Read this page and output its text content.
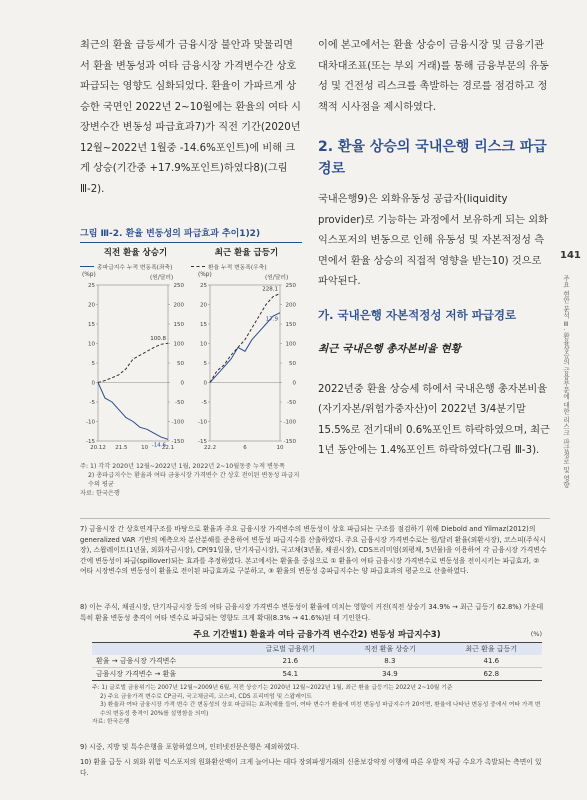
최근의 환율 급등세가 금융시장 불안과 맞물리면서 환율 변동성과 여타 금융시장 가격변수간 상호 파급되는 영향도 심화되었다. 환율이 가파르게 상승한 국면인 2022년 2~10월에는 환율의 여타 시장변수간 변동성 파급효과7)가 직전 기간(2020년 12월~2022년 1월중 -14.6%포인트)에 비해 크게 상승(기간중 +17.9%포인트)하였다8)(그림 Ⅲ-2).
이에 본고에서는 환율 상승이 금융시장 및 금융기관 대차대조표(또는 부외 거래)를 통해 금융부문의 유동성 및 건전성 리스크를 촉발하는 경로를 점검하고 정책적 시사점을 제시하였다.
2. 환율 상승의 국내은행 리스크 파급경로
국내은행9)은 외화유동성 공급자(liquidity provider)로 기능하는 과정에서 보유하게 되는 외화 익스포저의 변동으로 인해 유동성 및 자본적정성 측면에서 환율 상승의 직접적 영향을 받는10) 것으로 파악된다.
가. 국내은행 자본적정성 저하 파급경로
최근 국내은행 총자본비율 현황
2022년중 환율 상승세 하에서 국내은행 총자본비율(자기자본/위험가중자산)이 2022년 3/4분기말 15.5%로 전기대비 0.6%포인트 하락하였으며, 최근 1년 동안에는 1.4%포인트 하락하였다(그림 Ⅲ-3).
141
주요 현안 분석 Ⅲ. 환율상승의 금융부문에 대한 리스크 파급경로 및 영향
그림 Ⅲ-2. 환율 변동성의 파급효과 추이1)2)
직전 환율 상승기	최근 환율 급등기
총파급지수 누적 변동폭(좌축)	환율 누적 변동폭(우축)
(%p)	(원/달러)	(%p)	(원/달러)
-15
-10
-5
0
5
10
15
20
25
-150
-100
-50
0
50
100
150
200
250
20.12 21.5 10 22.1
100.8
-14.6
-15
-10
-5
0
5
10
15
20
25
-150
-100
-50
0
50
100
150
200
250
22.2	6	10
228.1
17.9
주: 1) 각각 2020년 12월~2022년 1월, 2022년 2~10월동중 누적 변동폭
2) 총파급지수는 환율과 여타 금융시장 가격변수 간 상호 전이된 변동성 파급지수의 평균
자료: 한국은행
7) 금융시장 간 상호연계구조를 바탕으로 환율과 주요 금융시장 가격변수의 변동성이 상호 파급되는 구조를 점검하기 위해 Diebold and Yilmaz(2012)의 generalized VAR 기반의 예측오차 분산분해를 준용하여 변동성 파급지수를 산출하였다. 주요 금융시장 가격변수로는 원/달러 환율(외환시장), 코스피(주식시장), 스왑레이트(1년물, 외화자금시장), CP(91일물, 단기자금시장), 국고채(3년물, 채권시장), CDS프리미엄(외평채, 5년물)을 이용하여 각 금융시장 가격변수 간에 변동성이 파급(spillover)되는 효과를 추정하였다. 본고에서는 환율을 중심으로 ① 환율이 여타 금융시장 가격변수로 변동성을 전이시키는 파급효과, ② 여타 시장변수의 변동성이 환율로 전이된 파급효과로 구분하고, ③ 환율의 변동성 총파급지수는 양 파급효과의 평균으로 산출하였다.
8) 이는 주식, 채권시장, 단기자금시장 등의 여타 금융시장 가격변수 변동성이 환율에 미치는 영향이 커진(직전 상승기 34.9% → 최근 급등기 62.8%) 가운데 특히 환율 변동성 충격이 여타 변수로 파급되는 영향도 크게 확대(8.3% → 41.6%)된 데 기인한다.
주요 기간별1) 환율과 여타 금융가격 변수간2) 변동성 파급지수3)	(%)
	글로벌 금융위기	직전 환율 상승기	최근 환율 급등기
환율 → 금융시장 가격변수	21.6	8.3	41.6
금융시장 가격변수 → 환율	54.1	34.9	62.8
주: 1) 글로벌 금융위기는 2007년 12월~2009년 6월, 직전 상승기는 2020년 12월~2022년 1월, 최근 환율 급등기는 2022년 2~10월 기준
2) 주요 금융가격 변수로 CP금리, 국고채금리, 코스피, CDS 프리미엄 및 스왑레이트
3) 환율과 여타 금융시장 가격 변수 간 변동성의 상호 파급되는 효과(예를 들어, 여타 변수가 환율에 미친 변동성 파급지수가 20이면, 환율에 나타난 변동성 중에서 여타 가격 변수의 변동성 충격이 20%를 설명함을 의미)
자료: 한국은행
9) 시중, 지방 및 특수은행을 포함하였으며, 인터넷전문은행은 제외하였다.
10) 환율 급등 시 외화 위험 익스포저의 원화환산액이 크게 늘어나는 데다 장외파생거래의 신용보강약정 이행에 따른 우발적 자금 수요가 촉발되는 측면이 있다.
